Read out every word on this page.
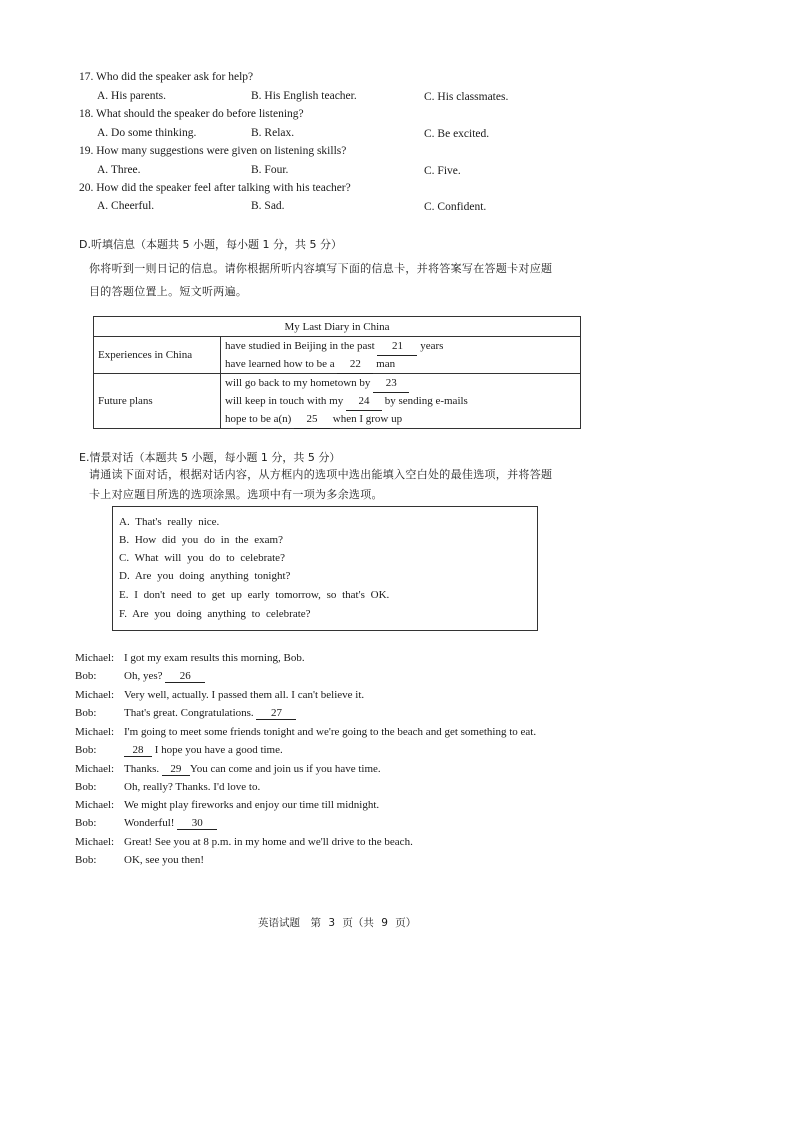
17. Who did the speaker ask for help?
A. His parents.	B. His English teacher.	C. His classmates.
18. What should the speaker do before listening?
A. Do some thinking.	B. Relax.	C. Be excited.
19. How many suggestions were given on listening skills?
A. Three.	B. Four.	C. Five.
20. How did the speaker feel after talking with his teacher?
A. Cheerful.	B. Sad.	C. Confident.
D.听填信息（本题共 5 小题，每小题 1 分，共 5 分）
你将听到一则日记的信息。请你根据所听内容填写下面的信息卡，并将答案写在答题卡对应题
目的答题位置上。短文听两遍。
My Last Diary in China	
Experiences in China	have studied in Beijing in the past 21 years
have learned how to be a 22 man

Future plans	will go back to my hometown by 23
will keep in touch with my 24 by sending e-mails
hope to be a(n) 25 when I grow up
E.情景对话（本题共 5 小题，每小题 1 分，共 5 分）
请通读下面对话，根据对话内容，从方框内的选项中选出能填入空白处的最佳选项，并将答题
卡上对应题目所选的选项涂黑。选项中有一项为多余选项。
A. That's really nice.
B. How did you do in the exam?
C. What will you do to celebrate?
D. Are you doing anything tonight?
E. I don't need to get up early tomorrow, so that's OK.
F. Are you doing anything to celebrate?
Michael: I got my exam results this morning, Bob.
Bob:	Oh, yes? 26
Michael: Very well, actually. I passed them all. I can't believe it.
Bob:	That's great. Congratulations. 27
Michael: I'm going to meet some friends tonight and we're going to the beach and get something to eat.
Bob:	28 I hope you have a good time.
Michael: Thanks. 29 You can come and join us if you have time.
Bob:	Oh, really? Thanks. I'd love to.
Michael: We might play fireworks and enjoy our time till midnight.
Bob:	Wonderful! 30
Michael: Great! See you at 8 p.m. in my home and we'll drive to the beach.
Bob:	OK, see you then!
英语试题　第 3 页（共 9 页）
